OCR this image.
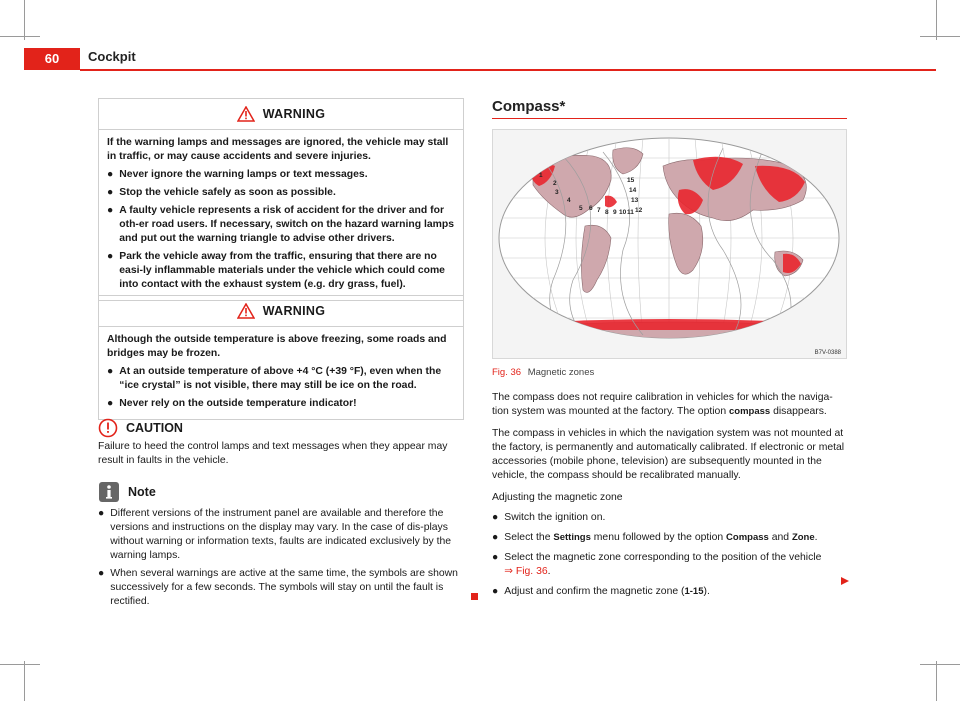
60	Cockpit
WARNING

If the warning lamps and messages are ignored, the vehicle may stall in traffic, or may cause accidents and severe injuries.

● Never ignore the warning lamps or text messages.
● Stop the vehicle safely as soon as possible.
● A faulty vehicle represents a risk of accident for the driver and for oth-er road users. If necessary, switch on the hazard warning lamps and put out the warning triangle to advise other drivers.
● Park the vehicle away from the traffic, ensuring that there are no easi-ly inflammable materials under the vehicle which could come into contact with the exhaust system (e.g. dry grass, fuel).
WARNING

Although the outside temperature is above freezing, some roads and bridges may be frozen.

● At an outside temperature of above +4 °C (+39 °F), even when the “ice crystal” is not visible, there may still be ice on the road.
● Never rely on the outside temperature indicator!
CAUTION

Failure to heed the control lamps and text messages when they appear may result in faults in the vehicle.

Note
● Different versions of the instrument panel are available and therefore the versions and instructions on the display may vary. In the case of dis-plays without warning or information texts, faults are indicated exclusively by the warning lamps.
● When several warnings are active at the same time, the symbols are shown successively for a few seconds. The symbols will stay on until the fault is rectified.
Compass*
1
2
3
4
5 6 7 8 9 10 11 12
13
14
15
B7V-0388
Fig. 36 Magnetic zones

The compass does not require calibration in vehicles for which the naviga-tion system was mounted at the factory. The option compass disappears.

The compass in vehicles in which the navigation system was not mounted at the factory, is permanently and automatically calibrated. If electronic or metal accessories (mobile phone, television) are subsequently mounted in the vehicle, the compass should be recalibrated manually.

Adjusting the magnetic zone

● Switch the ignition on.
● Select the Settings menu followed by the option Compass and Zone.
● Select the magnetic zone corresponding to the position of the vehicle
⇒ Fig. 36.
● Adjust and confirm the magnetic zone (1-15).
